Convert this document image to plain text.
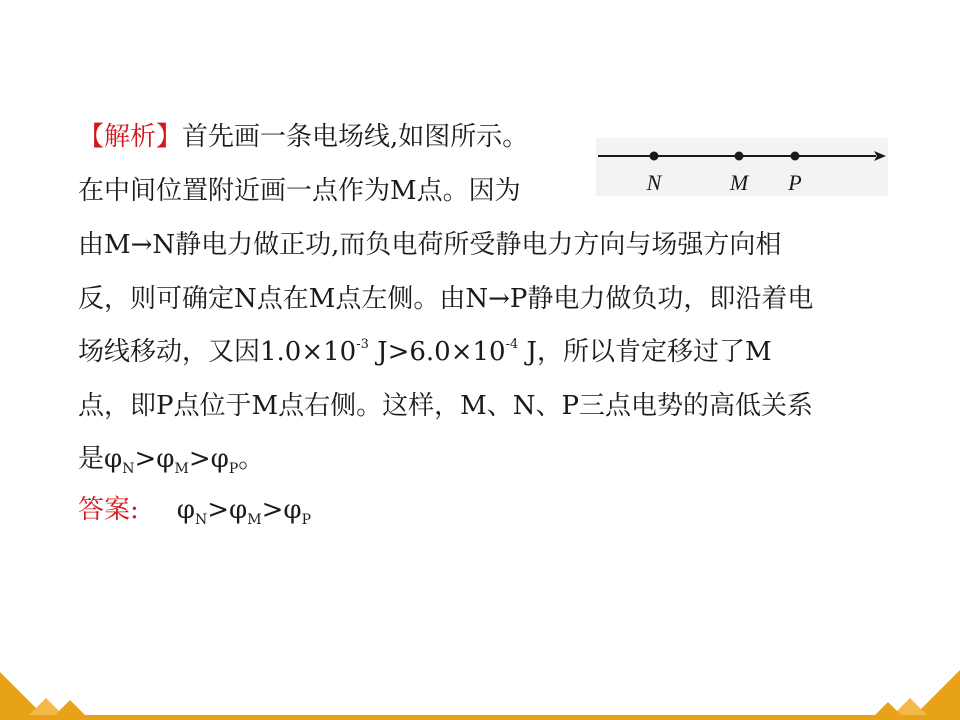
【解析】首先画一条电场线,如图所示。
在中间位置附近画一点作为M点。因为
由M→N静电力做正功,而负电荷所受静电力方向与场强方向相
反，则可确定N点在M点左侧。由N→P静电力做负功，即沿着电
场线移动，又因$1.0\times 10^{-3}$ $J>6.0\times 10^{-4}$ J，所以肯定移过了M
点，即P点位于M点右侧。这样，M、N、P三点电势的高低关系
是$\varphi_N>\varphi_M>\varphi_P$。
答案: $\varphi_N>\varphi_M>\varphi_P$
N	M P
